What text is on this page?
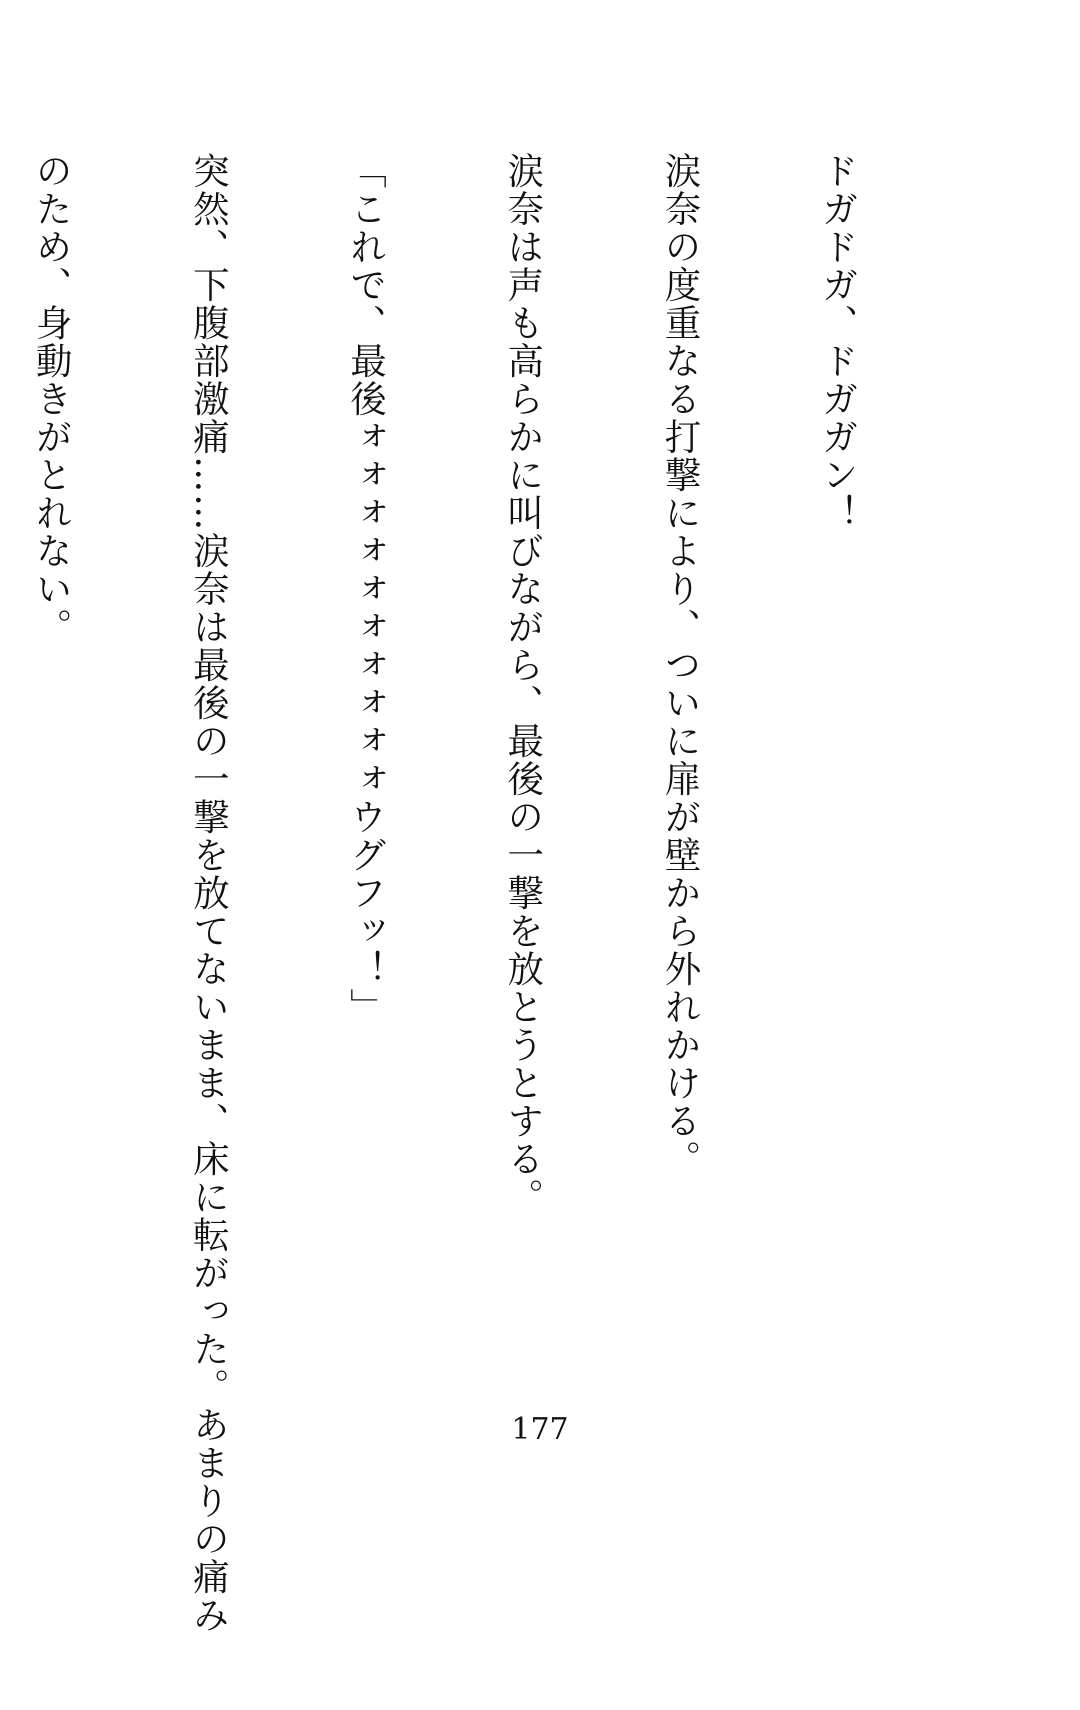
ドガドガ、ドガガン！

涙奈の度重なる打撃により、ついに扉が壁から外れかける。

涙奈は声も高らかに叫びながら、最後の一撃を放とうとする。

「これで、最後ォォォォォォォォォォウグフッ！」

突然、下腹部激痛……涙奈は最後の一撃を放てないまま、床に転がった。あまりの痛み

のため、身動きがとれない。

177
